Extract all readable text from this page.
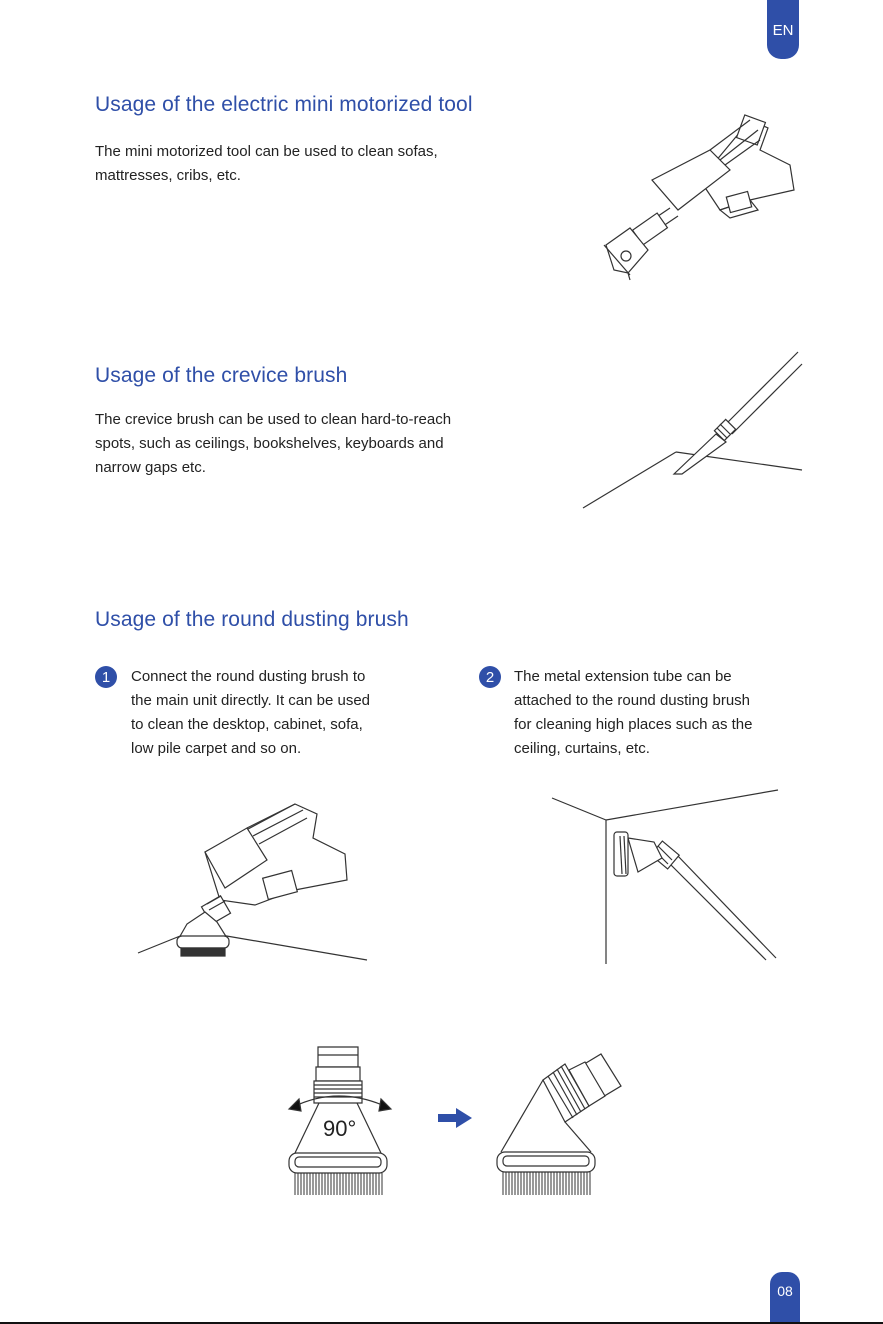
EN
Usage of the electric mini motorized tool
The mini motorized tool can be used to clean sofas,
mattresses, cribs, etc.
Usage of the crevice brush
The crevice brush can be used to clean hard-to-reach
spots, such as ceilings, bookshelves, keyboards and
narrow gaps etc.
Usage of the round dusting brush
1	Connect the round dusting brush to
the main unit directly. It can be used
to clean the desktop, cabinet, sofa,
low pile carpet and so on.
2	The metal extension tube can be
attached to the round dusting brush
for cleaning high places such as the
ceiling, curtains, etc.
90°
08
